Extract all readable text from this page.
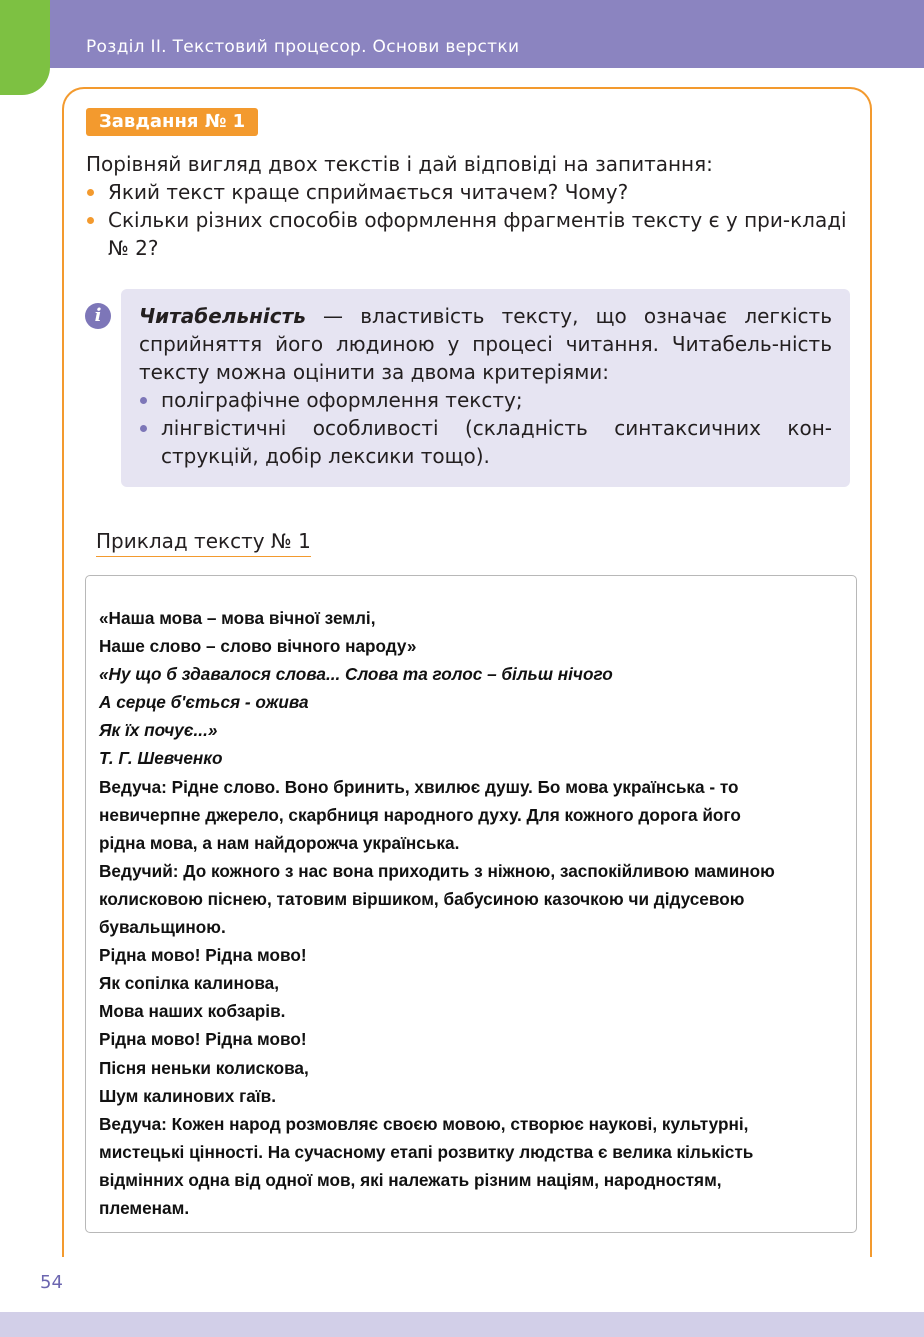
Розділ ІІ. Текстовий процесор. Основи верстки
Завдання № 1

Порівняй вигляд двох текстів і дай відповіді на запитання:

Який текст краще сприймається читачем? Чому?
Скільки різних способів оформлення фрагментів тексту є у при-кладі № 2?
i	Читабельність — властивість тексту, що означає легкість сприйняття його людиною у процесі читання. Читабель-ність тексту можна оцінити за двома критеріями:

поліграфічне оформлення тексту;
лінгвістичні особливості (складність синтаксичних кон-струкцій, добір лексики тощо).
Приклад тексту № 1
«Наша мова – мова вічної землі,
Наше слово – слово вічного народу»
«Ну що б здавалося слова... Слова та голос – більш нічого
А серце б'ється - ожива
Як їх почує...»
Т. Г. Шевченко
Ведуча: Рідне слово. Воно бринить, хвилює душу. Бо мова українська - то
невичерпне джерело, скарбниця народного духу. Для кожного дорога його
рідна мова, а нам найдорожча українська.
Ведучий: До кожного з нас вона приходить з ніжною, заспокійливою маминою
колисковою піснею, татовим віршиком, бабусиною казочкою чи дідусевою
бувальщиною.
Рідна мово! Рідна мово!
Як сопілка калинова,
Мова наших кобзарів.
Рідна мово! Рідна мово!
Пісня неньки колискова,
Шум калинових гаїв.
Ведуча: Кожен народ розмовляє своєю мовою, створює наукові, культурні,
мистецькі цінності. На сучасному етапі розвитку людства є велика кількість
відмінних одна від одної мов, які належать різним націям, народностям,
племенам.
54
